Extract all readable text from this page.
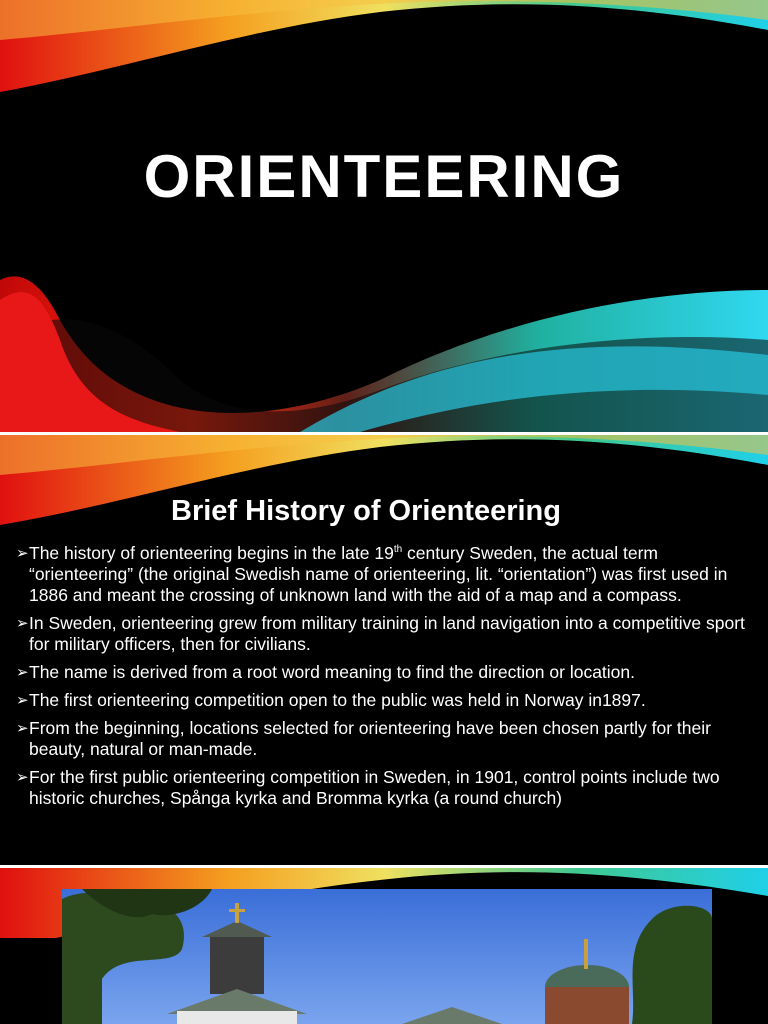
ORIENTEERING
Brief History of Orienteering
➢ The history of orienteering begins in the late 19th century Sweden, the actual term “orienteering” (the original Swedish name of orienteering, lit. “orientation”) was first used in 1886 and meant the crossing of unknown land with the aid of a map and a compass.
➢ In Sweden, orienteering grew from military training in land navigation into a competitive sport for military officers, then for civilians.
➢ The name is derived from a root word meaning to find the direction or location.
➢ The first orienteering competition open to the public was held in Norway in1897.
➢ From the beginning, locations selected for orienteering have been chosen partly for their beauty, natural or man-made.
➢ For the first public orienteering competition in Sweden, in 1901, control points include two historic churches, Spånga kyrka and Bromma kyrka (a round church)
